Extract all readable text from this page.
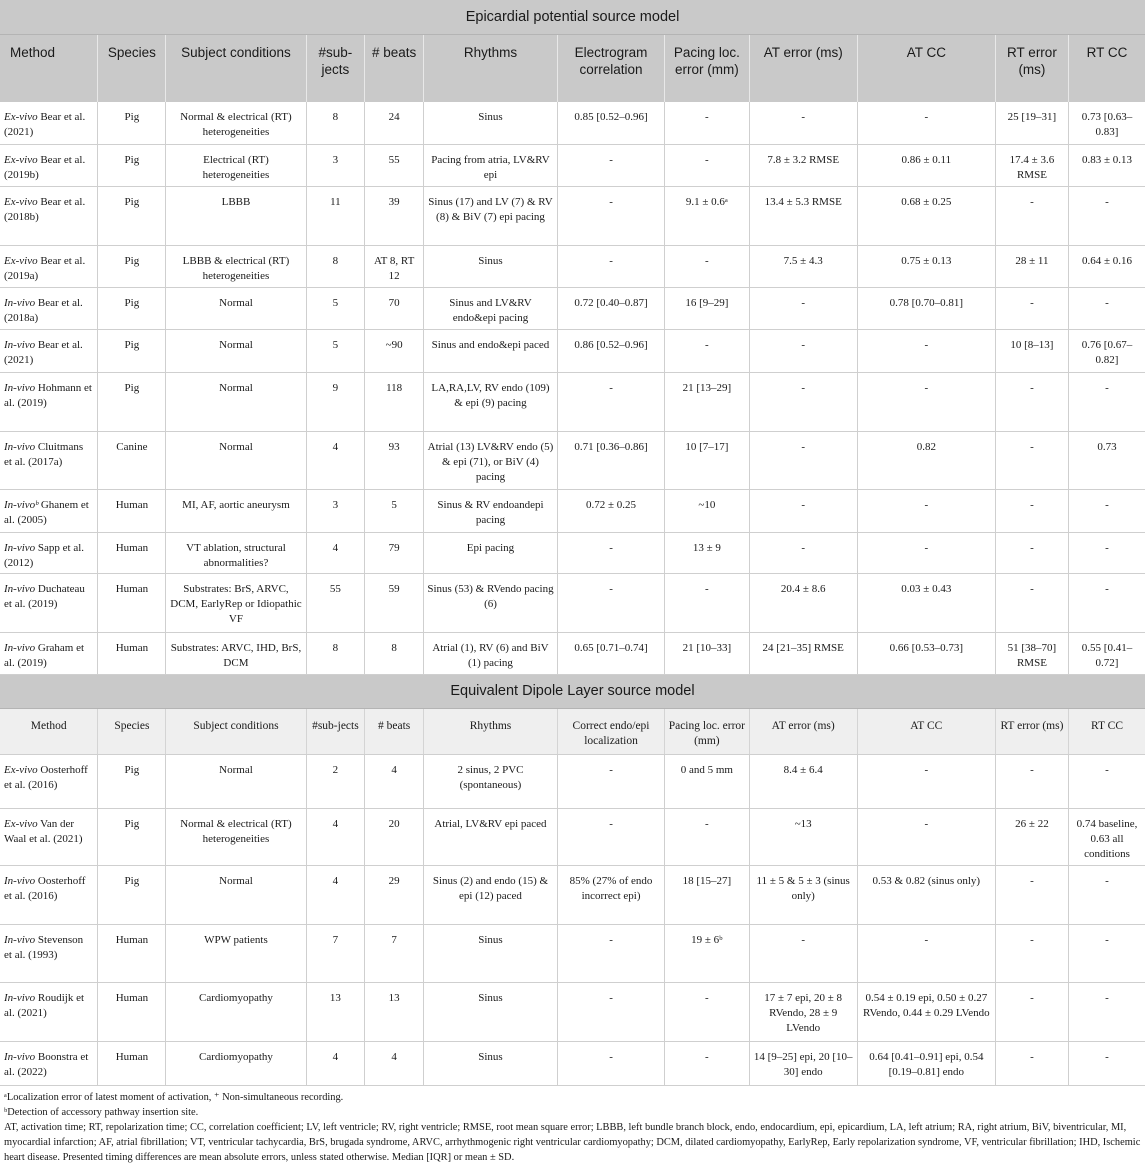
Epicardial potential source model											
Method	Species	Subject conditions	#sub-jects	# beats	Rhythms	Electrogram correlation	Pacing loc. error (mm)	AT error (ms)	AT CC	RT error (ms)	RT CC
Ex-vivo Bear et al. (2021)	Pig	Normal & electrical (RT) heterogeneities	8	24	Sinus	0.85 [0.52–0.96]	-	-	-	25 [19–31]	0.73 [0.63–0.83]
Ex-vivo Bear et al. (2019b)	Pig	Electrical (RT) heterogeneities	3	55	Pacing from atria, LV&RV epi	-	-	7.8 ± 3.2 RMSE	0.86 ± 0.11	17.4 ± 3.6 RMSE	0.83 ± 0.13
Ex-vivo Bear et al. (2018b)	Pig	LBBB	11	39	Sinus (17) and LV (7) & RV (8) & BiV (7) epi pacing	-	9.1 ± 0.6ᵃ	13.4 ± 5.3 RMSE	0.68 ± 0.25	-	-
Ex-vivo Bear et al. (2019a)	Pig	LBBB & electrical (RT) heterogeneities	8	AT 8, RT 12	Sinus	-	-	7.5 ± 4.3	0.75 ± 0.13	28 ± 11	0.64 ± 0.16
In-vivo Bear et al. (2018a)	Pig	Normal	5	70	Sinus and LV&RV endo&epi pacing	0.72 [0.40–0.87]	16 [9–29]	-	0.78 [0.70–0.81]	-	-
In-vivo Bear et al. (2021)	Pig	Normal	5	~90	Sinus and endo&epi paced	0.86 [0.52–0.96]	-	-	-	10 [8–13]	0.76 [0.67–0.82]
In-vivo Hohmann et al. (2019)	Pig	Normal	9	118	LA,RA,LV, RV endo (109) & epi (9) pacing	-	21 [13–29]	-	-	-	-
In-vivo Cluitmans et al. (2017a)	Canine	Normal	4	93	Atrial (13) LV&RV endo (5) & epi (71), or BiV (4) pacing	0.71 [0.36–0.86]	10 [7–17]	-	0.82	-	0.73
In-vivoᵇ Ghanem et al. (2005)	Human	MI, AF, aortic aneurysm	3	5	Sinus & RV endoandepi pacing	0.72 ± 0.25	~10	-	-	-	-
In-vivo Sapp et al. (2012)	Human	VT ablation, structural abnormalities?	4	79	Epi pacing	-	13 ± 9	-	-	-	-
In-vivo Duchateau et al. (2019)	Human	Substrates: BrS, ARVC, DCM, EarlyRep or Idiopathic VF	55	59	Sinus (53) & RVendo pacing (6)	-	-	20.4 ± 8.6	0.03 ± 0.43	-	-
In-vivo Graham et al. (2019)	Human	Substrates: ARVC, IHD, BrS, DCM	8	8	Atrial (1), RV (6) and BiV (1) pacing	0.65 [0.71–0.74]	21 [10–33]	24 [21–35] RMSE	0.66 [0.53–0.73]	51 [38–70] RMSE	0.55 [0.41–0.72]
Equivalent Dipole Layer source model											
Method	Species	Subject conditions	#sub-jects	# beats	Rhythms	Correct endo/epi localization	Pacing loc. error (mm)	AT error (ms)	AT CC	RT error (ms)	RT CC
Ex-vivo Oosterhoff et al. (2016)	Pig	Normal	2	4	2 sinus, 2 PVC (spontaneous)	-	0 and 5 mm	8.4 ± 6.4	-	-	-
Ex-vivo Van der Waal et al. (2021)	Pig	Normal & electrical (RT) heterogeneities	4	20	Atrial, LV&RV epi paced	-	-	~13	-	26 ± 22	0.74 baseline, 0.63 all conditions
In-vivo Oosterhoff et al. (2016)	Pig	Normal	4	29	Sinus (2) and endo (15) & epi (12) paced	85% (27% of endo incorrect epi)	18 [15–27]	11 ± 5 & 5 ± 3 (sinus only)	0.53 & 0.82 (sinus only)	-	-
In-vivo Stevenson et al. (1993)	Human	WPW patients	7	7	Sinus	-	19 ± 6ᵇ	-	-	-	-
In-vivo Roudijk et al. (2021)	Human	Cardiomyopathy	13	13	Sinus	-	-	17 ± 7 epi, 20 ± 8 RVendo, 28 ± 9 LVendo	0.54 ± 0.19 epi, 0.50 ± 0.27 RVendo, 0.44 ± 0.29 LVendo	-	-
In-vivo Boonstra et al. (2022)	Human	Cardiomyopathy	4	4	Sinus	-	-	14 [9–25] epi, 20 [10–30] endo	0.64 [0.41–0.91] epi, 0.54 [0.19–0.81] endo	-	-
ᵃLocalization error of latest moment of activation, ⁺ Non-simultaneous recording.
ᵇDetection of accessory pathway insertion site.
AT, activation time; RT, repolarization time; CC, correlation coefficient; LV, left ventricle; RV, right ventricle; RMSE, root mean square error; LBBB, left bundle branch block, endo, endocardium, epi, epicardium, LA, left atrium; RA, right atrium, BiV, biventricular, MI, myocardial infarction; AF, atrial fibrillation; VT, ventricular tachycardia, BrS, brugada syndrome, ARVC, arrhythmogenic right ventricular cardiomyopathy; DCM, dilated cardiomyopathy, EarlyRep, Early repolarization syndrome, VF, ventricular fibrillation; IHD, Ischemic heart disease. Presented timing differences are mean absolute errors, unless stated otherwise. Median [IQR] or mean ± SD.
